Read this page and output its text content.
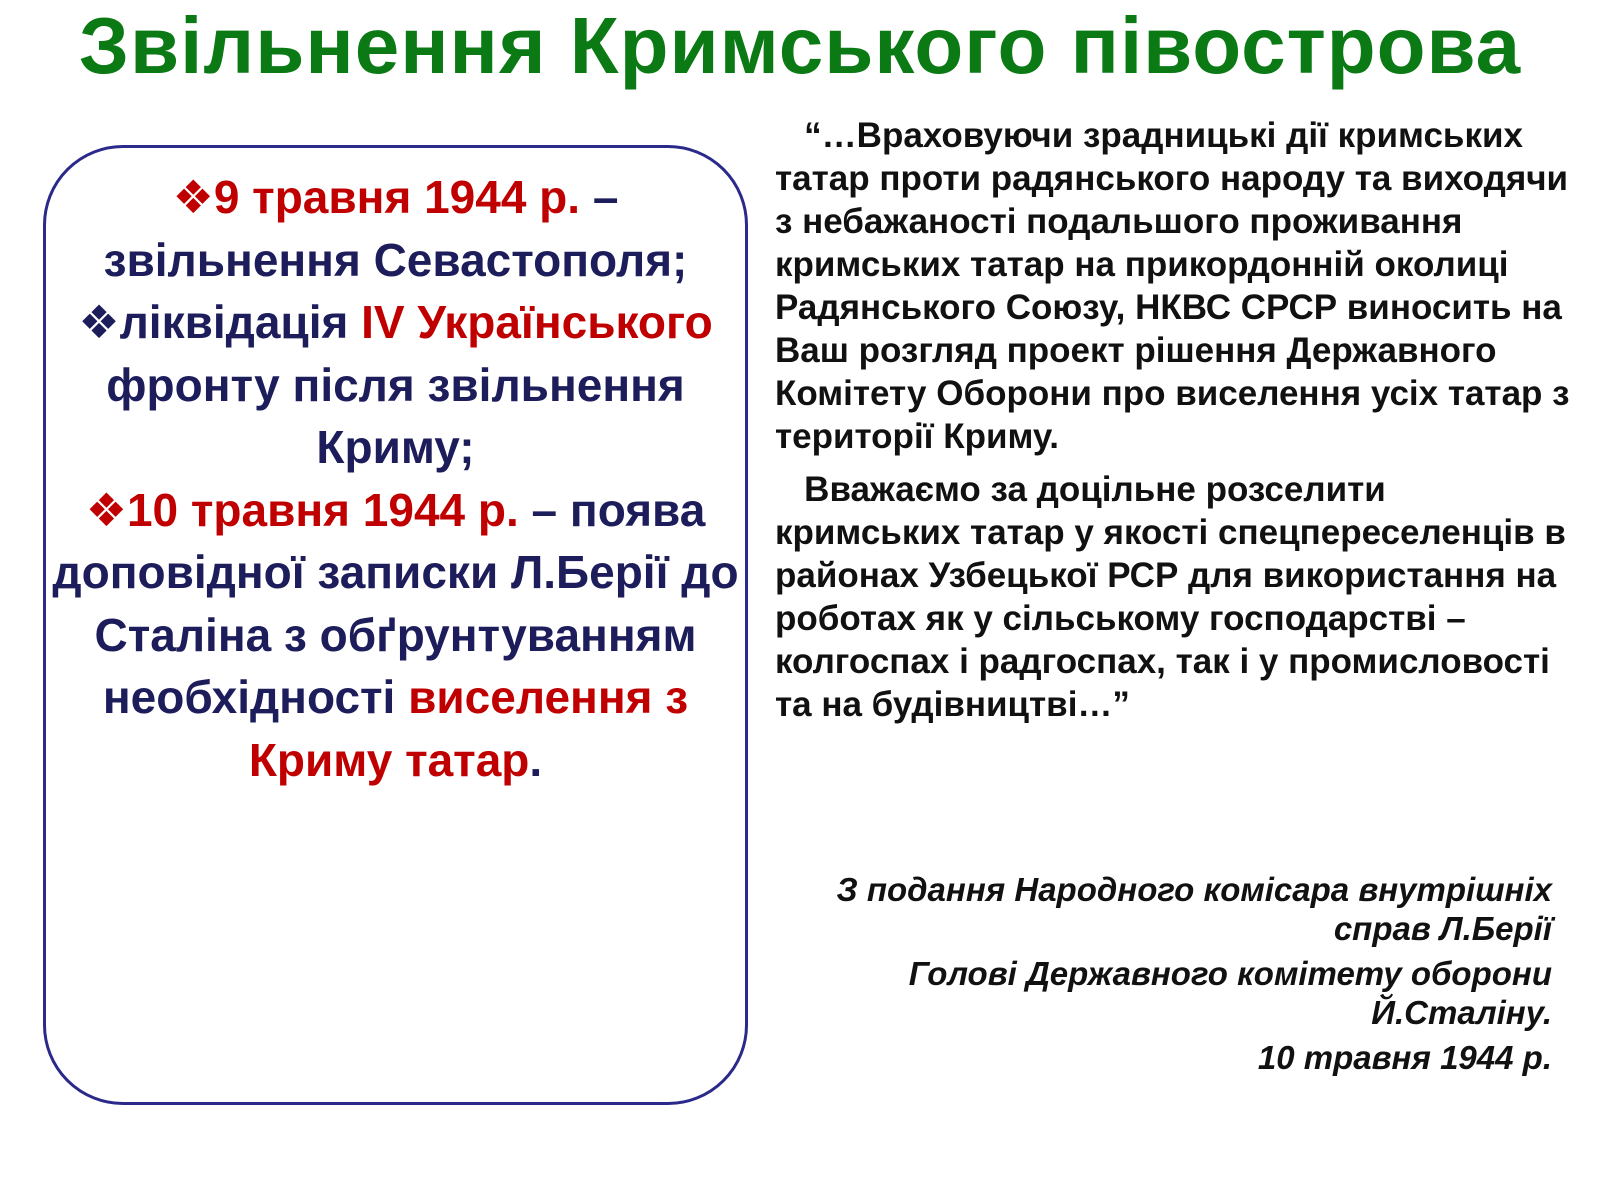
Звільнення Кримського півострова

❖9 травня 1944 р. – звільнення Севастополя;

❖ліквідація IV Українського фронту після звільнення Криму;

❖10 травня 1944 р. – поява доповідної записки Л.Берії до Сталіна з обґрунтуванням необхідності виселення з Криму татар.

“…Враховуючи зрадницькі дії кримських татар проти радянського народу та виходячи з небажаності подальшого проживання кримських татар на прикордонній околиці Радянського Союзу, НКВС СРСР виносить на Ваш розгляд проект рішення Державного Комітету Оборони про виселення усіх татар з території Криму.

Вважаємо за доцільне розселити кримських татар у якості спецпереселенців в районах Узбецької РСР для використання на роботах як у сільському господарстві – колгоспах і радгоспах, так і у промисловості та на будівництві…”

З подання Народного комісара внутрішніх справ Л.Берії

Голові Державного комітету оборони Й.Сталіну.

10 травня 1944 р.
